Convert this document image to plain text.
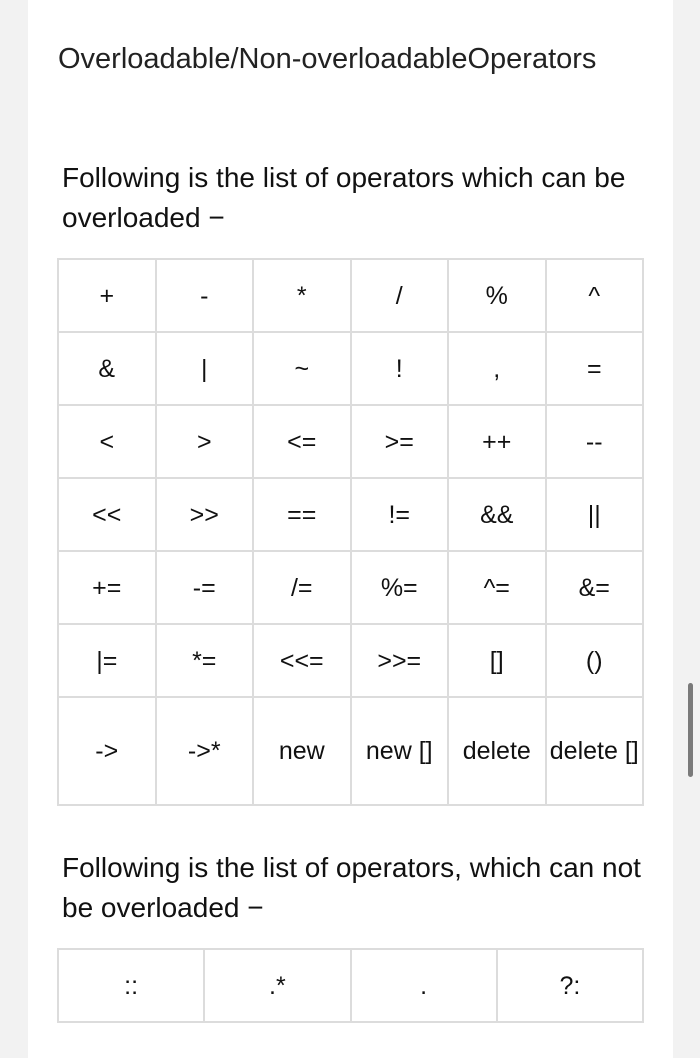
Overloadable/Non-overloadableOperators
Following is the list of operators which can be overloaded −
+	-	*	/	%	^
&	|	~	!	,	=
<	>	<=	>=	++	--
<<	>>	==	!=	&&	||
+=	-=	/=	%=	^=	&=
|=	*=	<<=	>>=	[]	()
->	->*	new	new []	delete	delete []
Following is the list of operators, which can not be overloaded −
::	.*	.	?:
